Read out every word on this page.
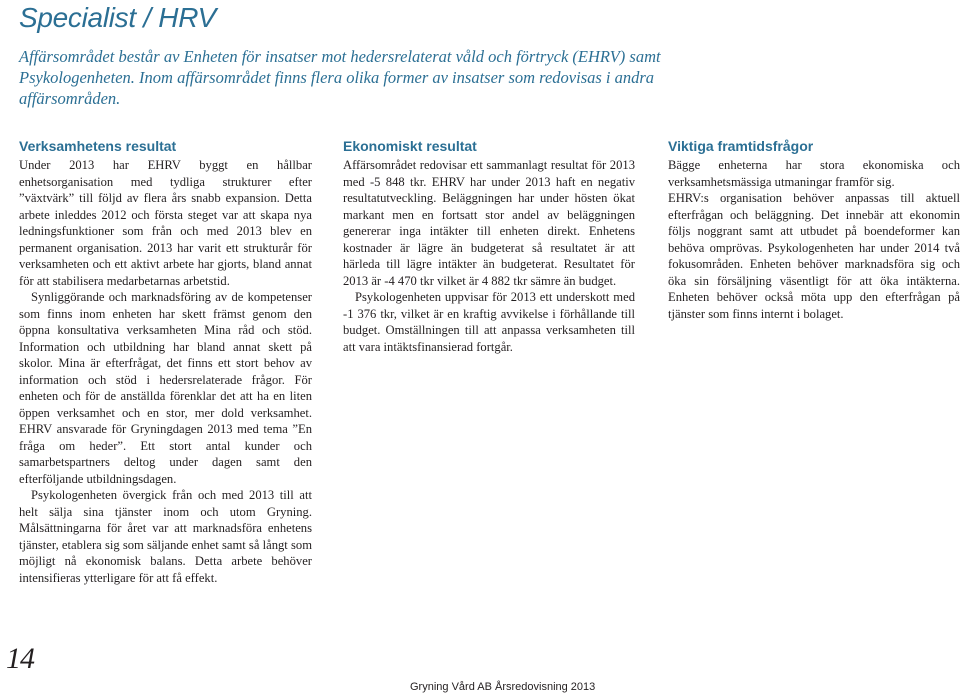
Specialist / HRV

Affärsområdet består av Enheten för insatser mot hedersrelaterat våld och förtryck (EHRV) samt

Psykologenheten. Inom affärsområdet finns flera olika former av insatser som redovisas i andra affärsområden.

Verksamhetens resultat

Under 2013 har EHRV byggt en hållbar enhetsorganisation med tydliga strukturer efter ”växtvärk” till följd av flera års snabb expansion. Detta arbete inleddes 2012 och första steget var att skapa nya ledningsfunktioner som från och med 2013 blev en permanent organisation. 2013 har varit ett strukturår för verksamheten och ett aktivt arbete har gjorts, bland annat för att stabilisera medarbetarnas arbetstid.

Synliggörande och marknadsföring av de kompetenser som finns inom enheten har skett främst genom den öppna konsultativa verksamheten Mina råd och stöd. Information och utbildning har bland annat skett på skolor. Mina är efterfrågat, det finns ett stort behov av information och stöd i hedersrelaterade frågor. För enheten och för de anställda förenklar det att ha en liten öppen verksamhet och en stor, mer dold verksamhet. EHRV ansvarade för Gryningdagen 2013 med tema ”En fråga om heder”. Ett stort antal kunder och samarbetspartners deltog under dagen samt den efterföljande utbildningsdagen.

Psykologenheten övergick från och med 2013 till att helt sälja sina tjänster inom och utom Gryning. Målsättningarna för året var att marknadsföra enhetens tjänster, etablera sig som säljande enhet samt så långt som möjligt nå ekonomisk balans. Detta arbete behöver intensifieras ytterligare för att få effekt.

Ekonomiskt resultat

Affärsområdet redovisar ett sammanlagt resultat för 2013 med -5 848 tkr. EHRV har under 2013 haft en negativ resultatutveckling. Beläggningen har under hösten ökat markant men en fortsatt stor andel av beläggningen genererar inga intäkter till enheten direkt. Enhetens kostnader är lägre än budgeterat så resultatet är att härleda till lägre intäkter än budgeterat. Resultatet för 2013 är -4 470 tkr vilket är 4 882 tkr sämre än budget.

Psykologenheten uppvisar för 2013 ett underskott med -1 376 tkr, vilket är en kraftig avvikelse i förhållande till budget. Omställningen till att anpassa verksamheten till att vara intäktsfinansierad fortgår.

Viktiga framtidsfrågor

Bägge enheterna har stora ekonomiska och verksamhetsmässiga utmaningar framför sig.

EHRV:s organisation behöver anpassas till aktuell efterfrågan och beläggning. Det innebär att ekonomin följs noggrant samt att utbudet på boendeformer kan behöva omprövas. Psykologenheten har under 2014 två fokusområden. Enheten behöver marknadsföra sig och öka sin försäljning väsentligt för att öka intäkterna. Enheten behöver också möta upp den efterfrågan på tjänster som finns internt i bolaget.

14
Gryning Vård AB Årsredovisning 2013
